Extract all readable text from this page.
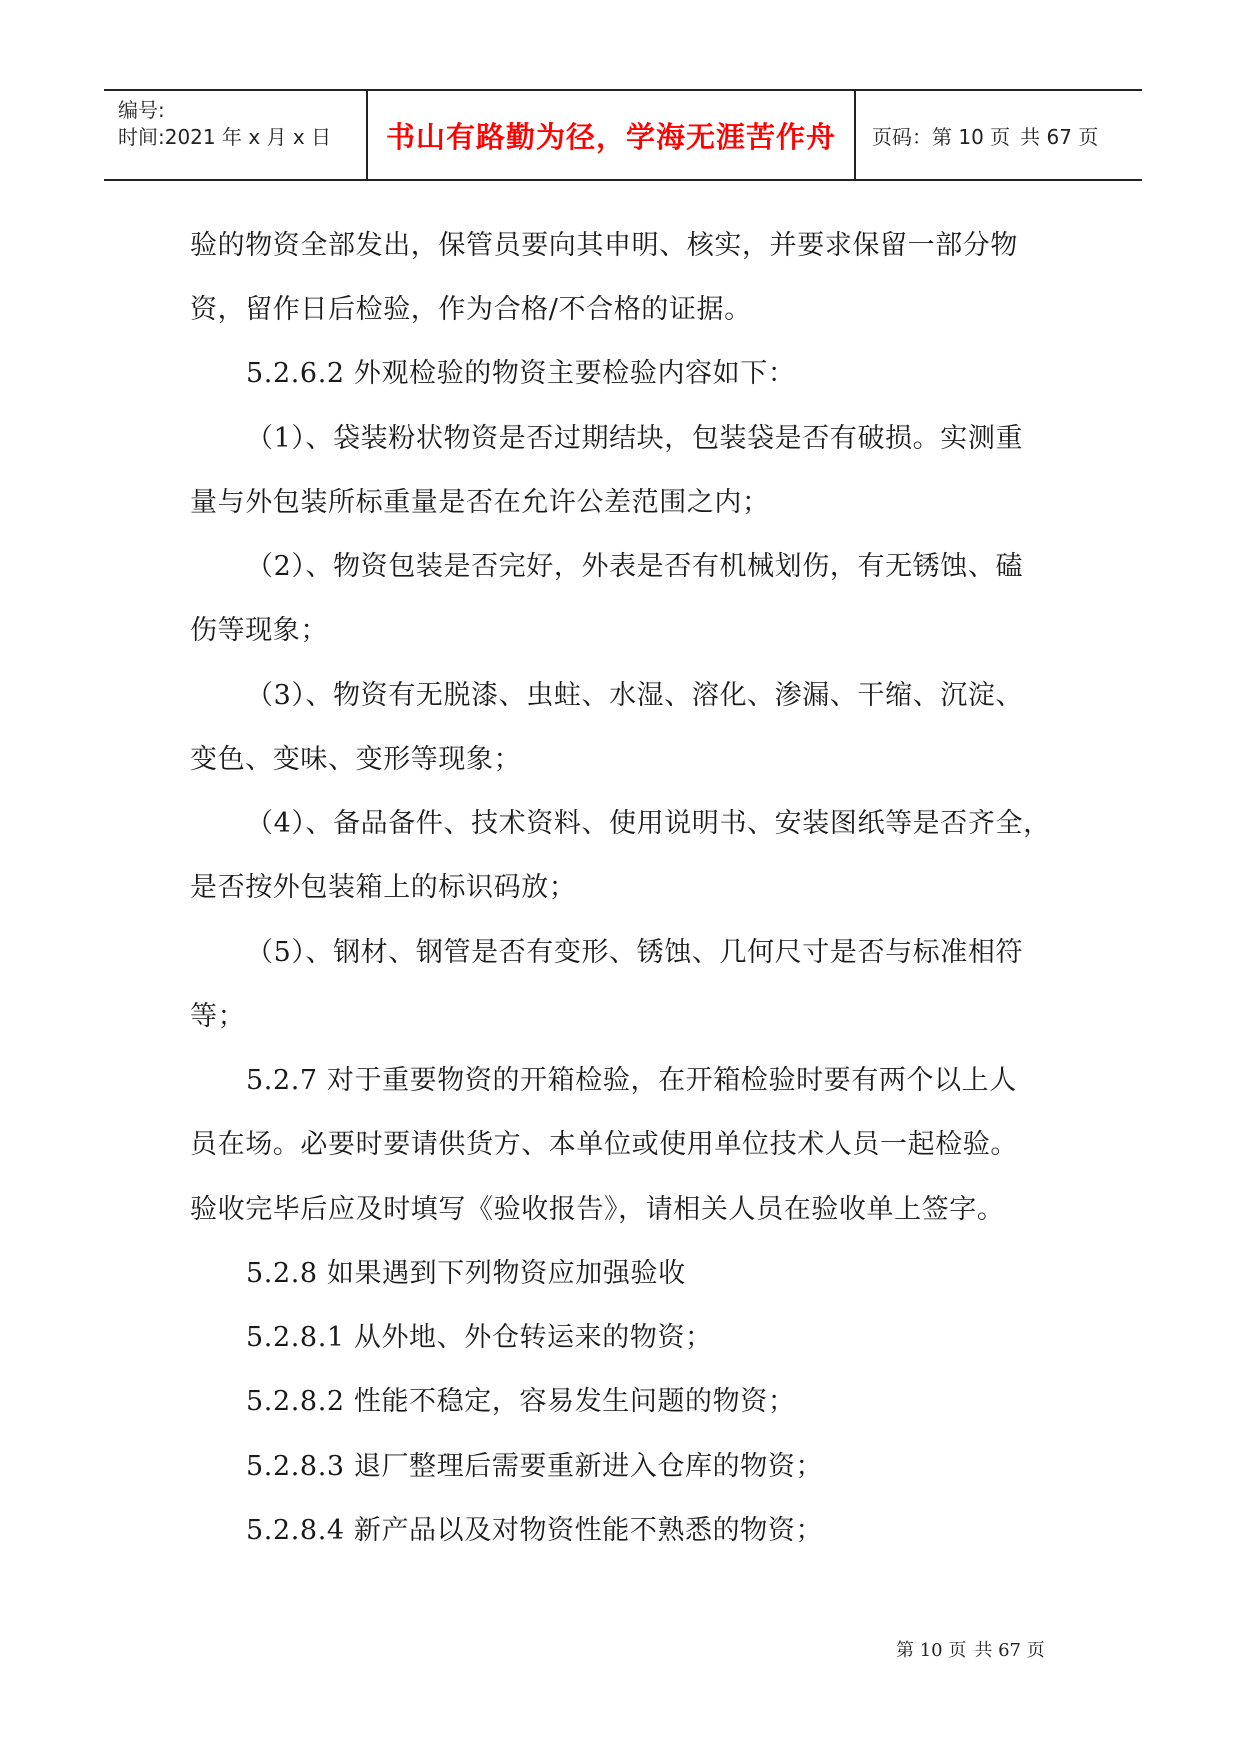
编号:
时间:2021 年 x 月 x 日 书山有路勤为径，学海无涯苦作舟 页码：第 10 页 共 67 页
验的物资全部发出，保管员要向其申明、核实，并要求保留一部分物
资，留作日后检验，作为合格/不合格的证据。
5.2.6.2 外观检验的物资主要检验内容如下：
（1）、袋装粉状物资是否过期结块，包装袋是否有破损。实测重
量与外包装所标重量是否在允许公差范围之内；
（2）、物资包装是否完好，外表是否有机械划伤，有无锈蚀、磕
伤等现象；
（3）、物资有无脱漆、虫蛀、水湿、溶化、渗漏、干缩、沉淀、
变色、变味、变形等现象；
（4）、备品备件、技术资料、使用说明书、安装图纸等是否齐全，
是否按外包装箱上的标识码放；
（5）、钢材、钢管是否有变形、锈蚀、几何尺寸是否与标准相符
等；
5.2.7 对于重要物资的开箱检验，在开箱检验时要有两个以上人
员在场。必要时要请供货方、本单位或使用单位技术人员一起检验。
验收完毕后应及时填写《验收报告》，请相关人员在验收单上签字。
5.2.8 如果遇到下列物资应加强验收
5.2.8.1 从外地、外仓转运来的物资；
5.2.8.2 性能不稳定，容易发生问题的物资；
5.2.8.3 退厂整理后需要重新进入仓库的物资；
5.2.8.4 新产品以及对物资性能不熟悉的物资；
第 10 页 共 67 页
